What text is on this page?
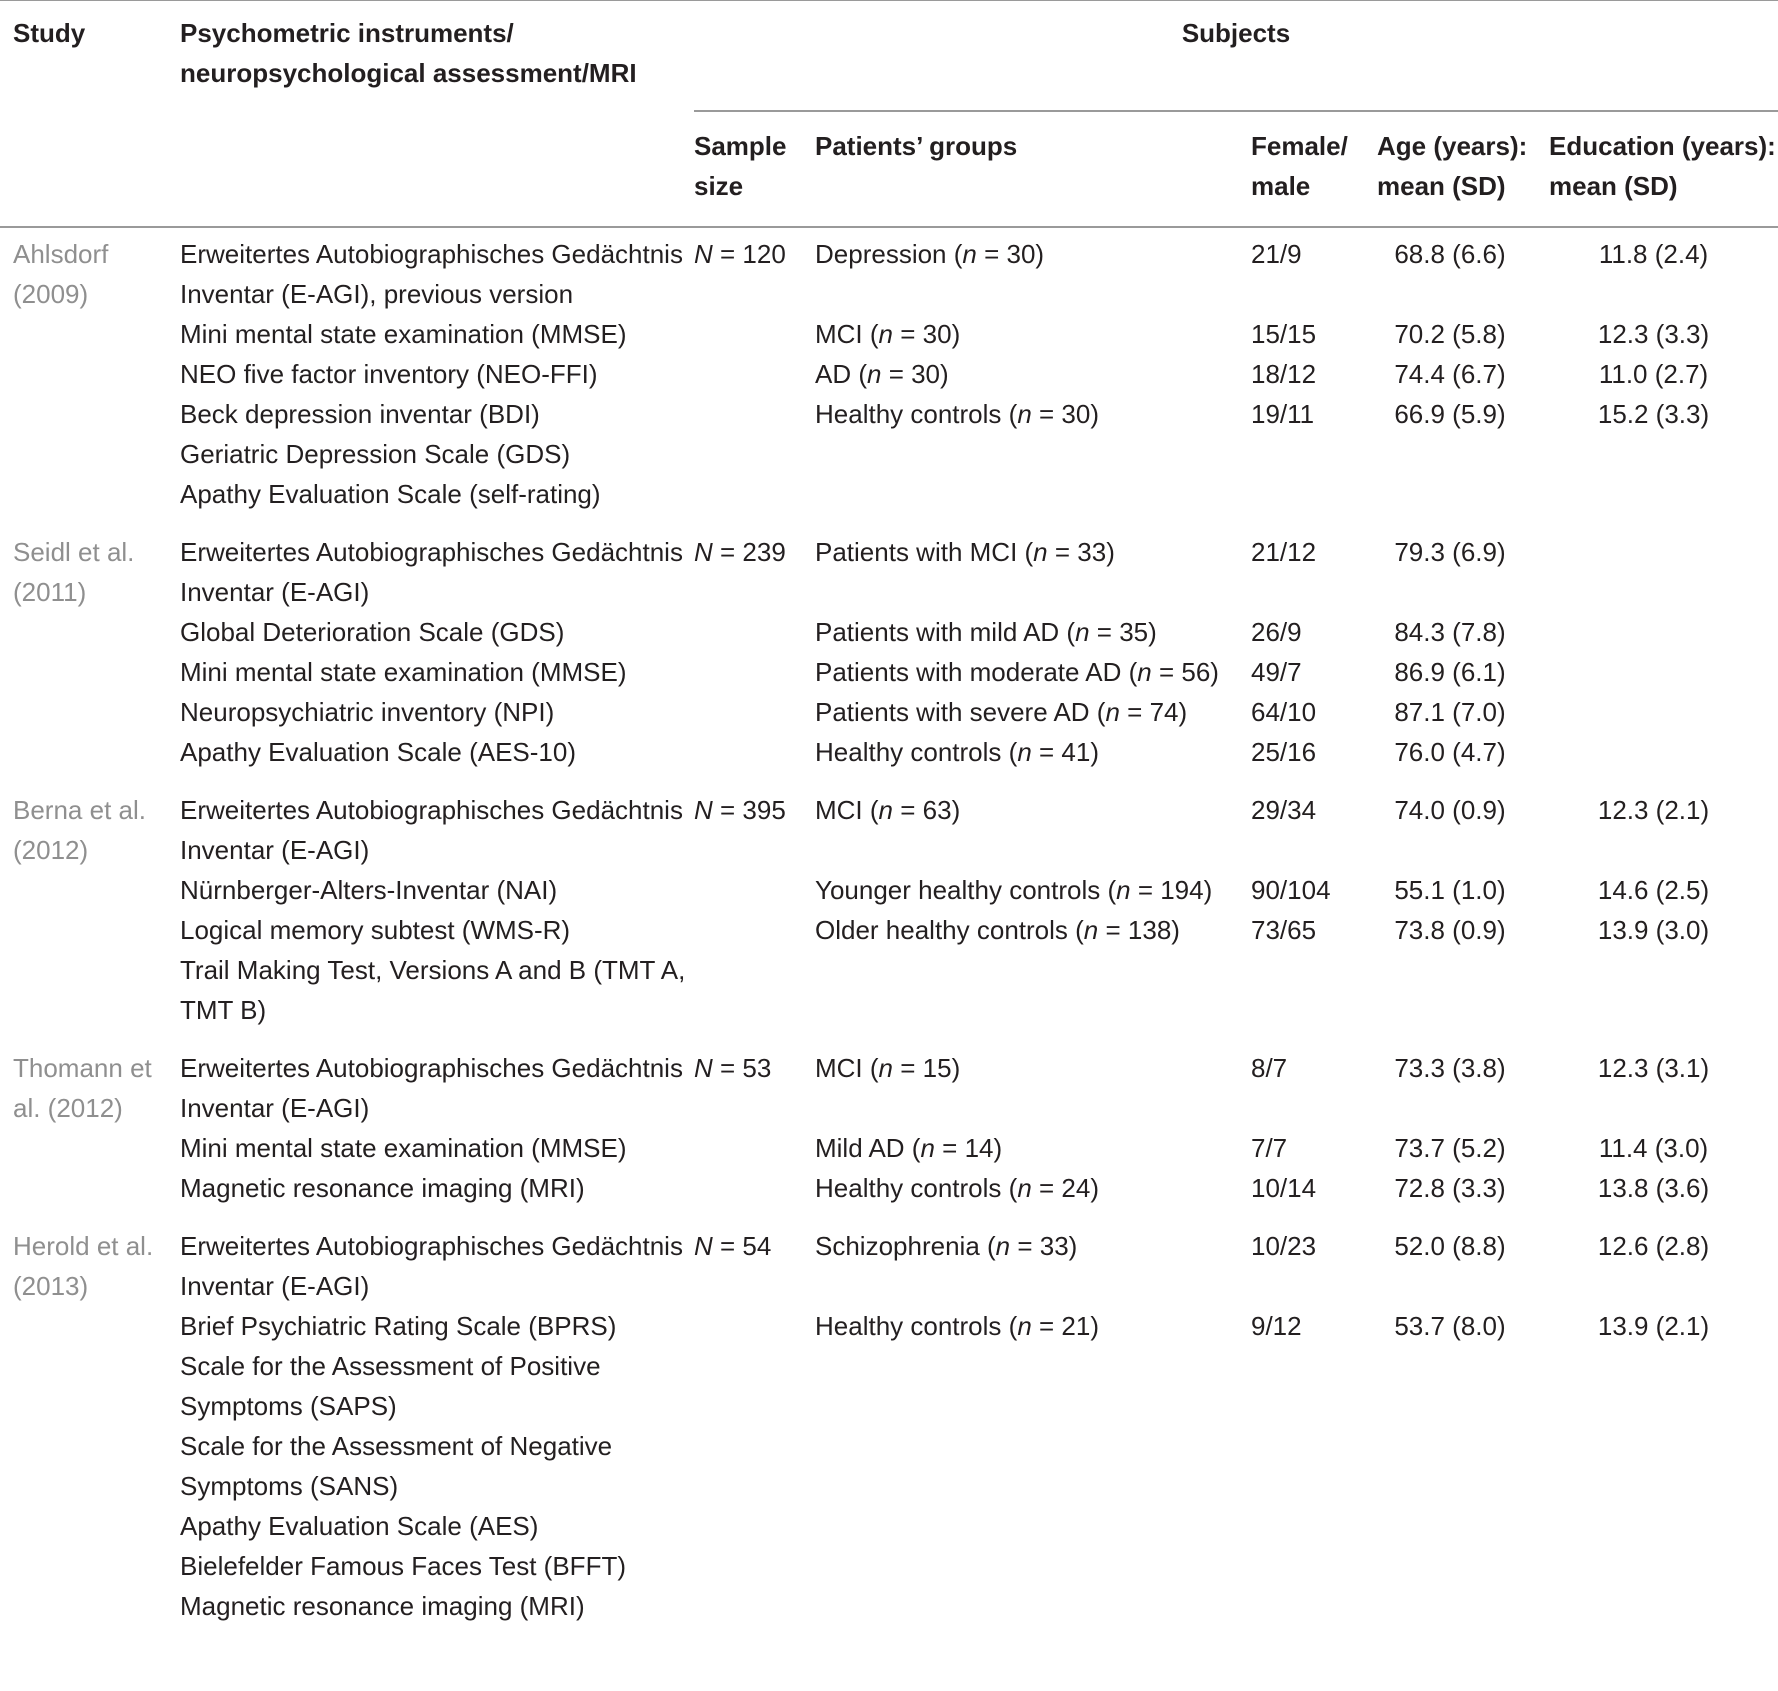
Study	Psychometric instruments/ neuropsychological assessment/MRI	Subjects				
		Sample size	Patients’ groups	Female/ male	Age (years): mean (SD)	Education (years): mean (SD)
Ahlsdorf (2009)	Erweitertes Autobiographisches Gedächtnis Inventar (E-AGI), previous version	N = 120	Depression (n = 30)	21/9	68.8 (6.6)	11.8 (2.4)
	Mini mental state examination (MMSE)		MCI (n = 30)	15/15	70.2 (5.8)	12.3 (3.3)
	NEO five factor inventory (NEO-FFI)		AD (n = 30)	18/12	74.4 (6.7)	11.0 (2.7)
	Beck depression inventar (BDI)		Healthy controls (n = 30)	19/11	66.9 (5.9)	15.2 (3.3)
	Geriatric Depression Scale (GDS)					
	Apathy Evaluation Scale (self-rating)					

Seidl et al. (2011)	Erweitertes Autobiographisches Gedächtnis Inventar (E-AGI)	N = 239	Patients with MCI (n = 33)	21/12	79.3 (6.9)	
	Global Deterioration Scale (GDS)		Patients with mild AD (n = 35)	26/9	84.3 (7.8)	
	Mini mental state examination (MMSE)		Patients with moderate AD (n = 56)	49/7	86.9 (6.1)	
	Neuropsychiatric inventory (NPI)		Patients with severe AD (n = 74)	64/10	87.1 (7.0)	
	Apathy Evaluation Scale (AES-10)		Healthy controls (n = 41)	25/16	76.0 (4.7)	

Berna et al. (2012)	Erweitertes Autobiographisches Gedächtnis Inventar (E-AGI)	N = 395	MCI (n = 63)	29/34	74.0 (0.9)	12.3 (2.1)
	Nürnberger-Alters-Inventar (NAI)		Younger healthy controls (n = 194)	90/104	55.1 (1.0)	14.6 (2.5)
	Logical memory subtest (WMS-R)		Older healthy controls (n = 138)	73/65	73.8 (0.9)	13.9 (3.0)
	Trail Making Test, Versions A and B (TMT A, TMT B)					

Thomann et al. (2012)	Erweitertes Autobiographisches Gedächtnis Inventar (E-AGI)	N = 53	MCI (n = 15)	8/7	73.3 (3.8)	12.3 (3.1)
	Mini mental state examination (MMSE)		Mild AD (n = 14)	7/7	73.7 (5.2)	11.4 (3.0)
	Magnetic resonance imaging (MRI)		Healthy controls (n = 24)	10/14	72.8 (3.3)	13.8 (3.6)

Herold et al. (2013)	Erweitertes Autobiographisches Gedächtnis Inventar (E-AGI)	N = 54	Schizophrenia (n = 33)	10/23	52.0 (8.8)	12.6 (2.8)
	Brief Psychiatric Rating Scale (BPRS)		Healthy controls (n = 21)	9/12	53.7 (8.0)	13.9 (2.1)
	Scale for the Assessment of Positive Symptoms (SAPS)					
	Scale for the Assessment of Negative Symptoms (SANS)					
	Apathy Evaluation Scale (AES)					
	Bielefelder Famous Faces Test (BFFT)					
	Magnetic resonance imaging (MRI)					
